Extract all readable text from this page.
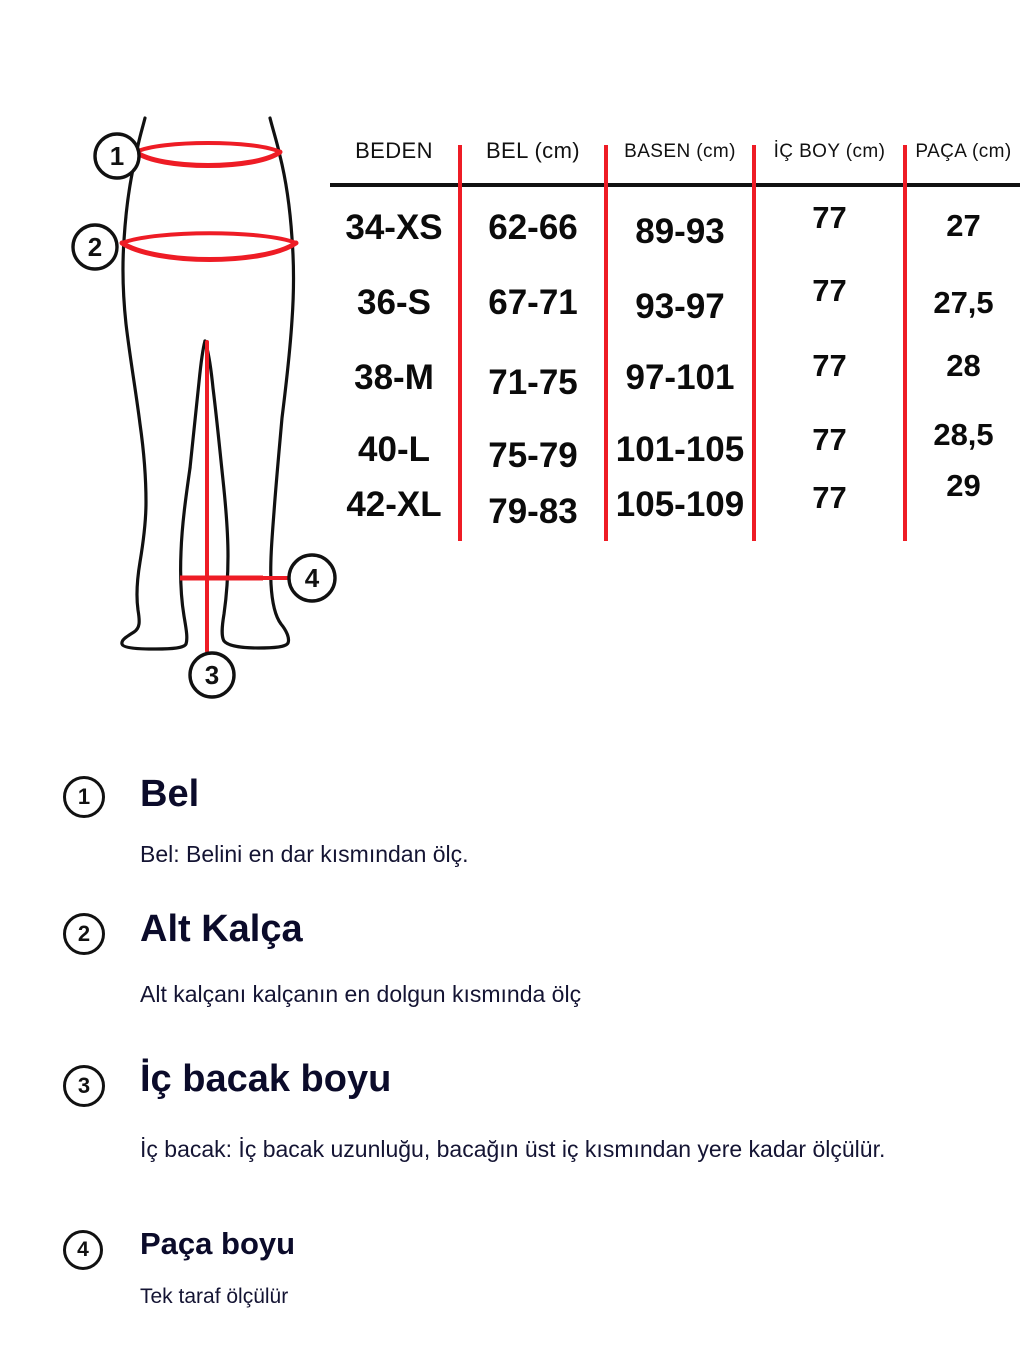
1
2
3
4
BEDEN	BEL (cm)	BASEN (cm)	İÇ BOY (cm)	PAÇA (cm)
34-XS	62-66	89-93	77	27
36-S	67-71	93-97	77	27,5
38-M	71-75	97-101	77	28
40-L	75-79	101-105	77	28,5
42-XL	79-83	105-109	77	29
1 Bel
Bel: Belini en dar kısmından ölç.
2 Alt Kalça
Alt kalçanı kalçanın en dolgun kısmında ölç
3 İç bacak boyu
İç bacak: İç bacak uzunluğu, bacağın üst iç kısmından yere kadar ölçülür.
4 Paça boyu
Tek taraf ölçülür
